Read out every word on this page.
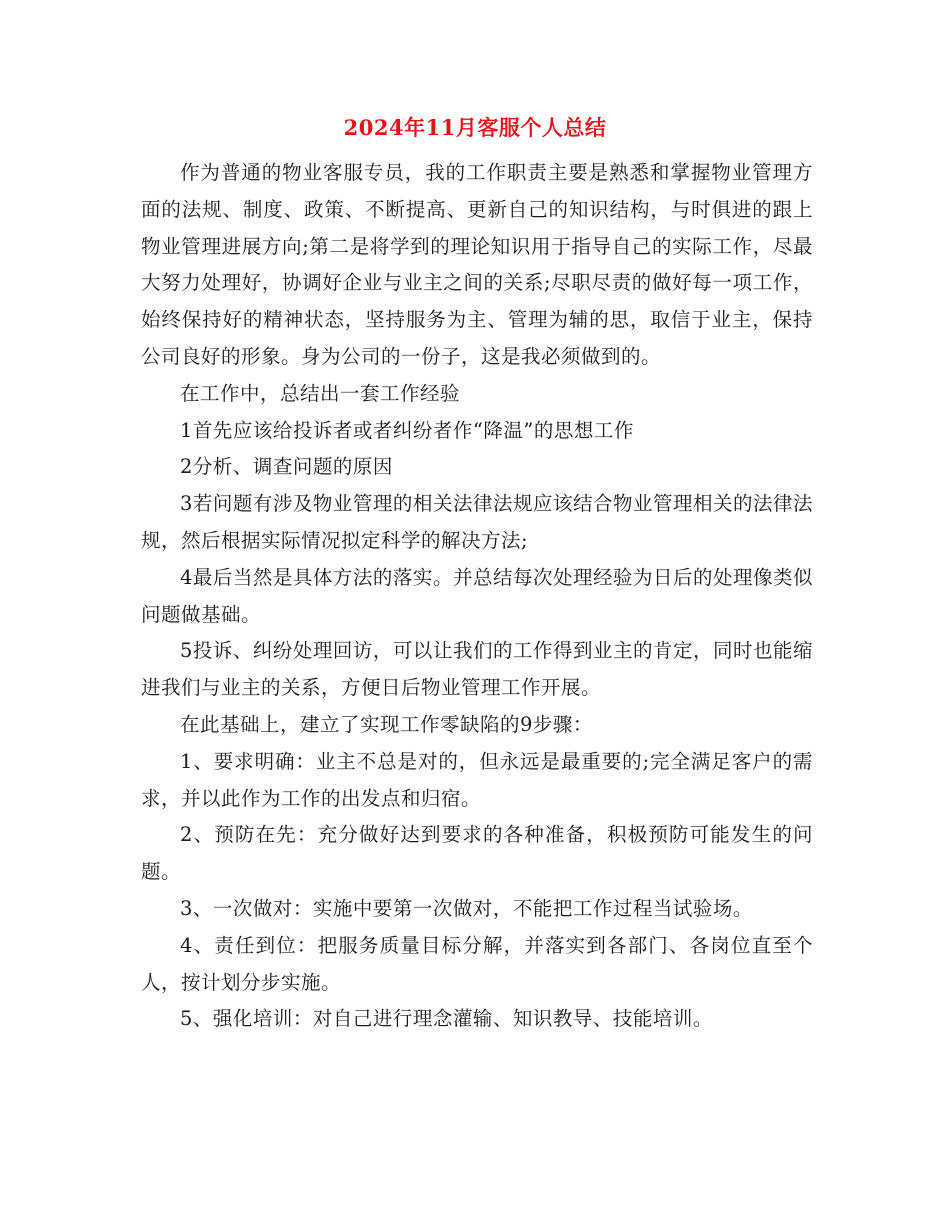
2024年11月客服个人总结

作为普通的物业客服专员，我的工作职责主要是熟悉和掌握物业管理方面的法规、制度、政策、不断提高、更新自己的知识结构，与时俱进的跟上物业管理进展方向;第二是将学到的理论知识用于指导自己的实际工作，尽最大努力处理好，协调好企业与业主之间的关系;尽职尽责的做好每一项工作，始终保持好的精神状态，坚持服务为主、管理为辅的思，取信于业主，保持公司良好的形象。身为公司的一份子，这是我必须做到的。

在工作中，总结出一套工作经验

1首先应该给投诉者或者纠纷者作“降温”的思想工作

2分析、调查问题的原因

3若问题有涉及物业管理的相关法律法规应该结合物业管理相关的法律法规，然后根据实际情况拟定科学的解决方法;

4最后当然是具体方法的落实。并总结每次处理经验为日后的处理像类似问题做基础。

5投诉、纠纷处理回访，可以让我们的工作得到业主的肯定，同时也能缩进我们与业主的关系，方便日后物业管理工作开展。

在此基础上，建立了实现工作零缺陷的9步骤：

1、要求明确：业主不总是对的，但永远是最重要的;完全满足客户的需求，并以此作为工作的出发点和归宿。

2、预防在先：充分做好达到要求的各种准备，积极预防可能发生的问题。

3、一次做对：实施中要第一次做对，不能把工作过程当试验场。

4、责任到位：把服务质量目标分解，并落实到各部门、各岗位直至个人，按计划分步实施。

5、强化培训：对自己进行理念灌输、知识教导、技能培训。
